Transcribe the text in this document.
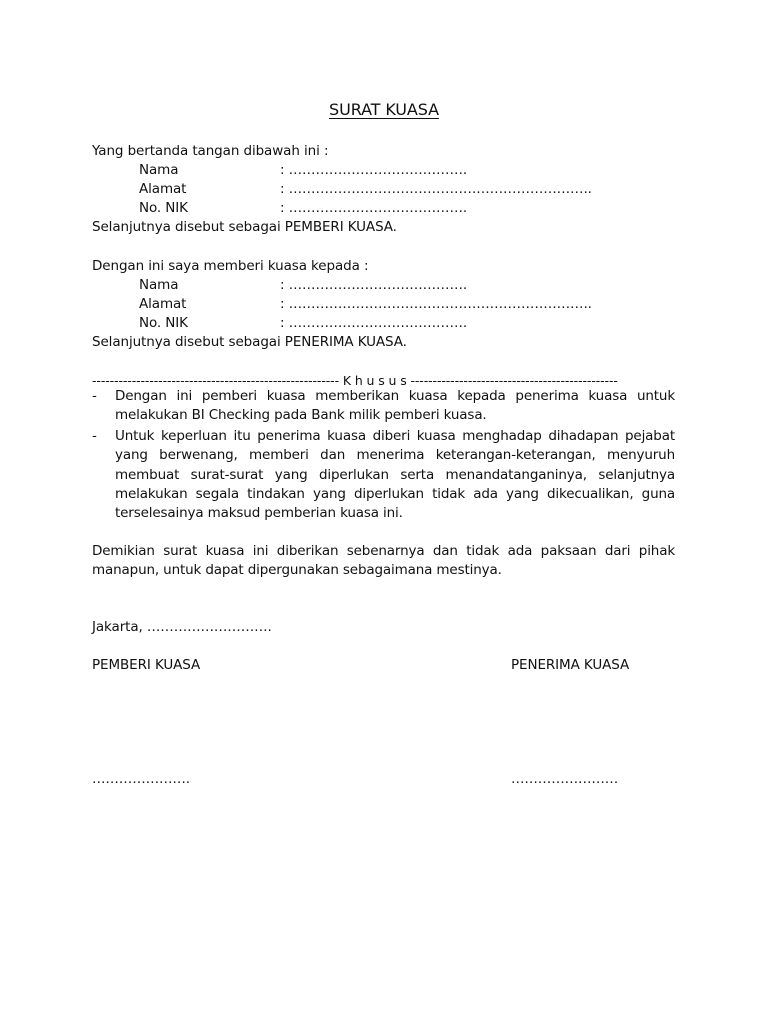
SURAT KUASA
Yang bertanda tangan dibawah ini :
Nama	: ………………………………….
Alamat	: …………………………………………………………..
No. NIK	: ………………………………….
Selanjutnya disebut sebagai PEMBERI KUASA.
Dengan ini saya memberi kuasa kepada :
Nama	: ………………………………….
Alamat	: …………………………………………………………..
No. NIK	: ………………………………….
Selanjutnya disebut sebagai PENERIMA KUASA.
-------------------------------------------------------- K h u s u s -----------------------------------------------
- Dengan ini pemberi kuasa memberikan kuasa kepada penerima kuasa untuk melakukan BI Checking pada Bank milik pemberi kuasa.
- Untuk keperluan itu penerima kuasa diberi kuasa menghadap dihadapan pejabat yang berwenang, memberi dan menerima keterangan-keterangan, menyuruh membuat surat-surat yang diperlukan serta menandatanganinya, selanjutnya melakukan segala tindakan yang diperlukan tidak ada yang dikecualikan, guna terselesainya maksud pemberian kuasa ini.
Demikian surat kuasa ini diberikan sebenarnya dan tidak ada paksaan dari pihak manapun, untuk dapat dipergunakan sebagaimana mestinya.
Jakarta, ……………………….
PEMBERI KUASA	PENERIMA KUASA
………………….	……………………
